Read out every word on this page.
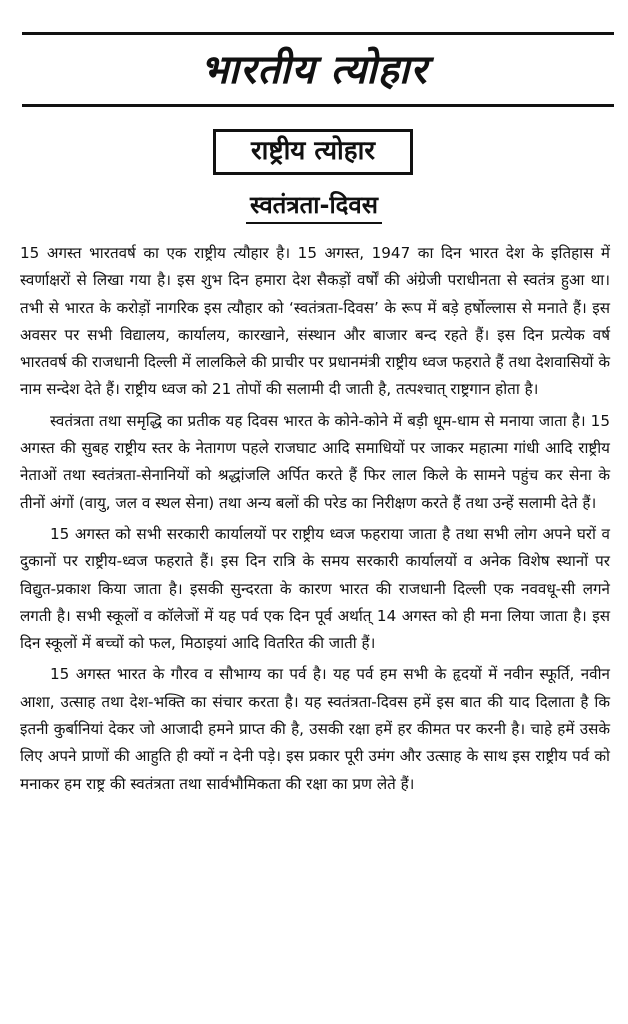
भारतीय त्योहार
राष्ट्रीय त्योहार
स्वतंत्रता-दिवस

15 अगस्त भारतवर्ष का एक राष्ट्रीय त्यौहार है। 15 अगस्त, 1947 का दिन भारत देश के इतिहास में स्वर्णाक्षरों से लिखा गया है। इस शुभ दिन हमारा देश सैकड़ों वर्षों की अंग्रेजी पराधीनता से स्वतंत्र हुआ था। तभी से भारत के करोड़ों नागरिक इस त्यौहार को ‘स्वतंत्रता-दिवस’ के रूप में बड़े हर्षोल्लास से मनाते हैं। इस अवसर पर सभी विद्यालय, कार्यालय, कारखाने, संस्थान और बाजार बन्द रहते हैं। इस दिन प्रत्येक वर्ष भारतवर्ष की राजधानी दिल्ली में लालकिले की प्राचीर पर प्रधानमंत्री राष्ट्रीय ध्वज फहराते हैं तथा देशवासियों के नाम सन्देश देते हैं। राष्ट्रीय ध्वज को 21 तोपों की सलामी दी जाती है, तत्पश्चात् राष्ट्रगान होता है।

स्वतंत्रता तथा समृद्धि का प्रतीक यह दिवस भारत के कोने-कोने में बड़ी धूम-धाम से मनाया जाता है। 15 अगस्त की सुबह राष्ट्रीय स्तर के नेतागण पहले राजघाट आदि समाधियों पर जाकर महात्मा गांधी आदि राष्ट्रीय नेताओं तथा स्वतंत्रता-सेनानियों को श्रद्धांजलि अर्पित करते हैं फिर लाल किले के सामने पहुंच कर सेना के तीनों अंगों (वायु, जल व स्थल सेना) तथा अन्य बलों की परेड का निरीक्षण करते हैं तथा उन्हें सलामी देते हैं।

15 अगस्त को सभी सरकारी कार्यालयों पर राष्ट्रीय ध्वज फहराया जाता है तथा सभी लोग अपने घरों व दुकानों पर राष्ट्रीय-ध्वज फहराते हैं। इस दिन रात्रि के समय सरकारी कार्यालयों व अनेक विशेष स्थानों पर विद्युत-प्रकाश किया जाता है। इसकी सुन्दरता के कारण भारत की राजधानी दिल्ली एक नववधू-सी लगने लगती है। सभी स्कूलों व कॉलेजों में यह पर्व एक दिन पूर्व अर्थात् 14 अगस्त को ही मना लिया जाता है। इस दिन स्कूलों में बच्चों को फल, मिठाइयां आदि वितरित की जाती हैं।

15 अगस्त भारत के गौरव व सौभाग्य का पर्व है। यह पर्व हम सभी के हृदयों में नवीन स्फूर्ति, नवीन आशा, उत्साह तथा देश-भक्ति का संचार करता है। यह स्वतंत्रता-दिवस हमें इस बात की याद दिलाता है कि इतनी कुर्बानियां देकर जो आजादी हमने प्राप्त की है, उसकी रक्षा हमें हर कीमत पर करनी है। चाहे हमें उसके लिए अपने प्राणों की आहुति ही क्यों न देनी पड़े। इस प्रकार पूरी उमंग और उत्साह के साथ इस राष्ट्रीय पर्व को मनाकर हम राष्ट्र की स्वतंत्रता तथा सार्वभौमिकता की रक्षा का प्रण लेते हैं।
